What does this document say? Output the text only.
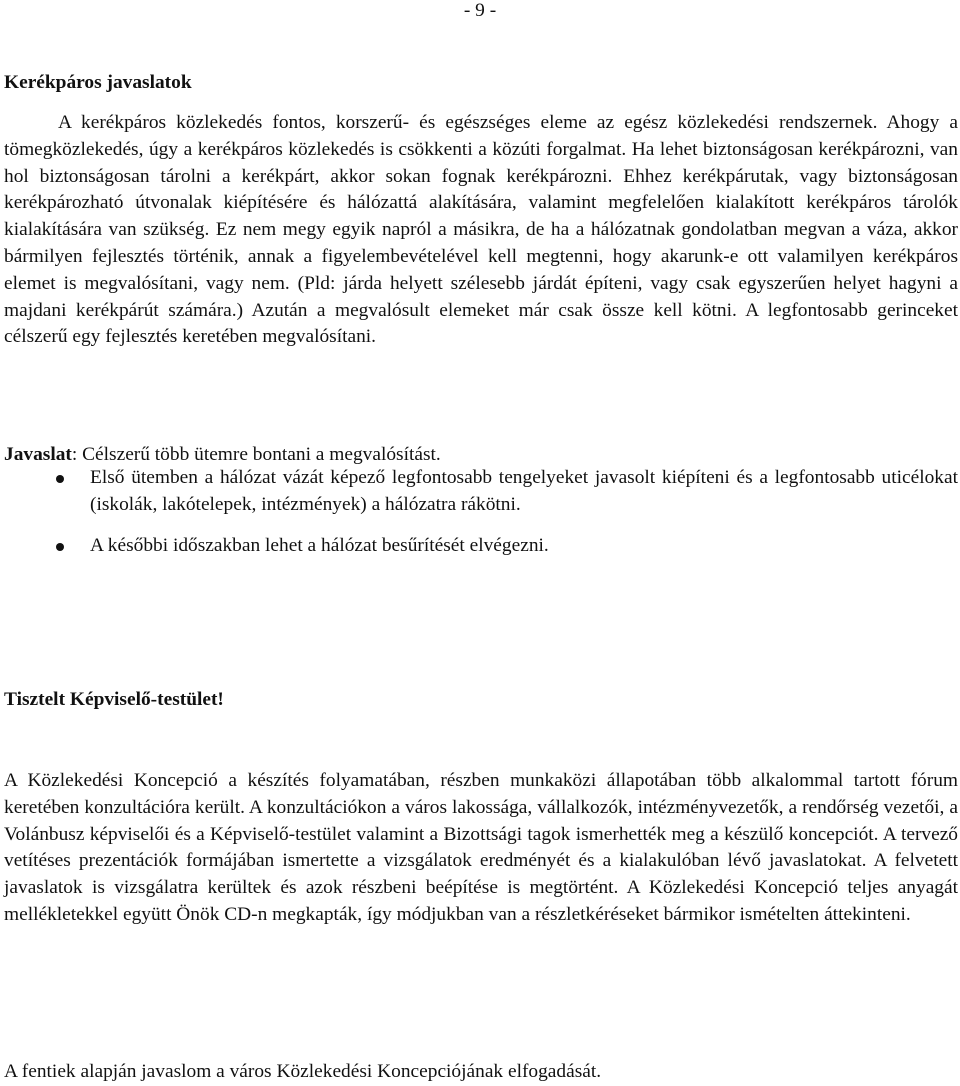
- 9 -
Kerékpáros javaslatok

A kerékpáros közlekedés fontos, korszerű- és egészséges eleme az egész közlekedési rendszernek. Ahogy a tömegközlekedés, úgy a kerékpáros közlekedés is csökkenti a közúti forgalmat. Ha lehet biztonságosan kerékpározni, van hol biztonságosan tárolni a kerékpárt, akkor sokan fognak kerékpározni. Ehhez kerékpárutak, vagy biztonságosan kerékpározható útvonalak kiépítésére és hálózattá alakítására, valamint megfelelően kialakított kerékpáros tárolók kialakítására van szükség. Ez nem megy egyik napról a másikra, de ha a hálózatnak gondolatban megvan a váza, akkor bármilyen fejlesztés történik, annak a figyelembevételével kell megtenni, hogy akarunk-e ott valamilyen kerékpáros elemet is megvalósítani, vagy nem. (Pld: járda helyett szélesebb járdát építeni, vagy csak egyszerűen helyet hagyni a majdani kerékpárút számára.) Azután a megvalósult elemeket már csak össze kell kötni. A legfontosabb gerinceket célszerű egy fejlesztés keretében megvalósítani.

Javaslat: Célszerű több ütemre bontani a megvalósítást.

Első ütemben a hálózat vázát képező legfontosabb tengelyeket javasolt kiépíteni és a legfontosabb uticélokat (iskolák, lakótelepek, intézmények) a hálózatra rákötni.
A későbbi időszakban lehet a hálózat besűrítését elvégezni.
Tisztelt Képviselő-testület!

A Közlekedési Koncepció a készítés folyamatában, részben munkaközi állapotában több alkalommal tartott fórum keretében konzultációra került. A konzultációkon a város lakossága, vállalkozók, intézményvezetők, a rendőrség vezetői, a Volánbusz képviselői és a Képviselő-testület valamint a Bizottsági tagok ismerhették meg a készülő koncepciót. A tervező vetítéses prezentációk formájában ismertette a vizsgálatok eredményét és a kialakulóban lévő javaslatokat. A felvetett javaslatok is vizsgálatra kerültek és azok részbeni beépítése is megtörtént. A Közlekedési Koncepció teljes anyagát mellékletekkel együtt Önök CD-n megkapták, így módjukban van a részletkéréseket bármikor ismételten áttekinteni.

A fentiek alapján javaslom a város Közlekedési Koncepciójának elfogadását.
